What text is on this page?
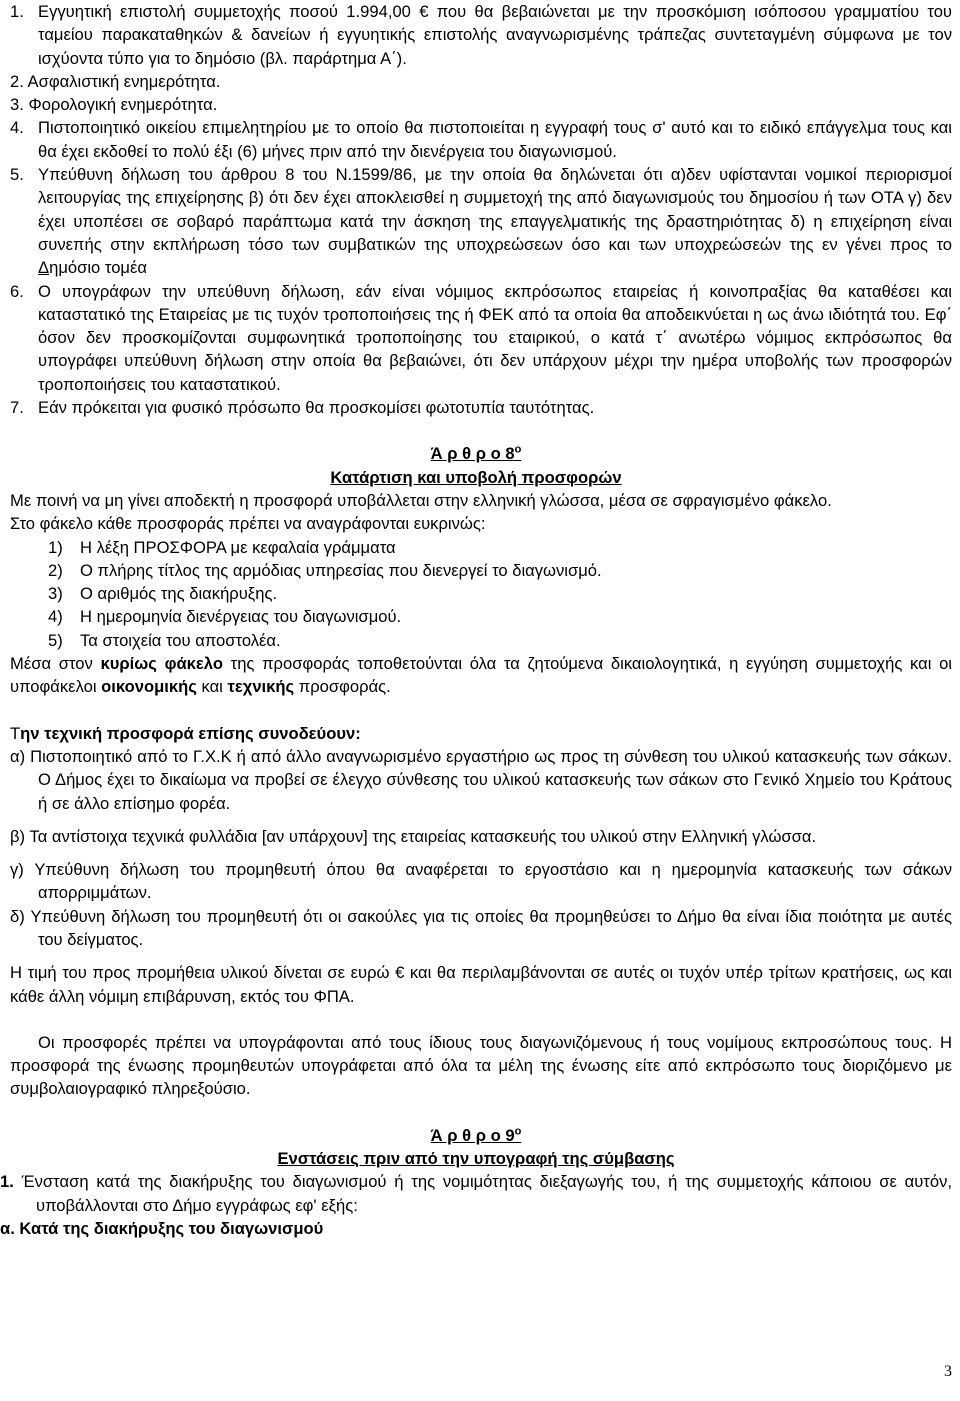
1. Εγγυητική επιστολή συμμετοχής ποσού 1.994,00 € που θα βεβαιώνεται με την προσκόμιση ισόποσου γραμματίου του ταμείου παρακαταθηκών & δανείων ή εγγυητικής επιστολής αναγνωρισμένης τράπεζας συντεταγμένη σύμφωνα με τον ισχύοντα τύπο για το δημόσιο (βλ. παράρτημα Α΄).
2. Ασφαλιστική ενημερότητα.
3. Φορολογική ενημερότητα.
4. Πιστοποιητικό οικείου επιμελητηρίου με το οποίο θα πιστοποιείται η εγγραφή τους σ' αυτό και το ειδικό επάγγελμα τους και θα έχει εκδοθεί το πολύ έξι (6) μήνες πριν από την διενέργεια του διαγωνισμού.
5. Υπεύθυνη δήλωση του άρθρου 8 του Ν.1599/86, με την οποία θα δηλώνεται ότι α)δεν υφίστανται νομικοί περιορισμοί λειτουργίας της επιχείρησης β) ότι δεν έχει αποκλεισθεί η συμμετοχή της από διαγωνισμούς του δημοσίου ή των ΟΤΑ γ) δεν έχει υποπέσει σε σοβαρό παράπτωμα κατά την άσκηση της επαγγελματικής της δραστηριότητας δ) η επιχείρηση είναι συνεπής στην εκπλήρωση τόσο των συμβατικών της υποχρεώσεων όσο και των υποχρεώσεών της εν γένει προς το Δημόσιο τομέα
6. Ο υπογράφων την υπεύθυνη δήλωση, εάν είναι νόμιμος εκπρόσωπος εταιρείας ή κοινοπραξίας θα καταθέσει και καταστατικό της Εταιρείας με τις τυχόν τροποποιήσεις της ή ΦΕΚ από τα οποία θα αποδεικνύεται η ως άνω ιδιότητά του. Εφ΄ όσον δεν προσκομίζονται συμφωνητικά τροποποίησης του εταιρικού, ο κατά τ΄ ανωτέρω νόμιμος εκπρόσωπος θα υπογράφει υπεύθυνη δήλωση στην οποία θα βεβαιώνει, ότι δεν υπάρχουν μέχρι την ημέρα υποβολής των προσφορών τροποποιήσεις του καταστατικού.
7. Εάν πρόκειται για φυσικό πρόσωπο θα προσκομίσει φωτοτυπία ταυτότητας.
Ά ρ θ ρ ο $8^o$
Κατάρτιση και υποβολή προσφορών
Με ποινή να μη γίνει αποδεκτή η προσφορά υποβάλλεται στην ελληνική γλώσσα, μέσα σε σφραγισμένο φάκελο.
Στο φάκελο κάθε προσφοράς πρέπει να αναγράφονται ευκρινώς:
1) Η λέξη ΠΡΟΣΦΟΡΑ με κεφαλαία γράμματα
2) Ο πλήρης τίτλος της αρμόδιας υπηρεσίας που διενεργεί το διαγωνισμό.
3) Ο αριθμός της διακήρυξης.
4) Η ημερομηνία διενέργειας του διαγωνισμού.
5) Τα στοιχεία του αποστολέα.
Μέσα στον κυρίως φάκελο της προσφοράς τοποθετούνται όλα τα ζητούμενα δικαιολογητικά, η εγγύηση συμμετοχής και οι υποφάκελοι οικονομικής και τεχνικής προσφοράς.
Την τεχνική προσφορά επίσης συνοδεύουν:
α) Πιστοποιητικό από το Γ.Χ.Κ ή από άλλο αναγνωρισμένο εργαστήριο ως προς τη σύνθεση του υλικού κατασκευής των σάκων. Ο Δήμος έχει το δικαίωμα να προβεί σε έλεγχο σύνθεσης του υλικού κατασκευής των σάκων στο Γενικό Χημείο του Κράτους ή σε άλλο επίσημο φορέα.
β) Τα αντίστοιχα τεχνικά φυλλάδια [αν υπάρχουν] της εταιρείας κατασκευής του υλικού στην Ελληνική γλώσσα.
γ) Υπεύθυνη δήλωση του προμηθευτή όπου θα αναφέρεται το εργοστάσιο και η ημερομηνία κατασκευής των σάκων απορριμμάτων.
δ) Υπεύθυνη δήλωση του προμηθευτή ότι οι σακούλες για τις οποίες θα προμηθεύσει το Δήμο θα είναι ίδια ποιότητα με αυτές του δείγματος.
Η τιμή του προς προμήθεια υλικού δίνεται σε ευρώ € και θα περιλαμβάνονται σε αυτές οι τυχόν υπέρ τρίτων κρατήσεις, ως και κάθε άλλη νόμιμη επιβάρυνση, εκτός του ΦΠΑ.
Οι προσφορές πρέπει να υπογράφονται από τους ίδιους τους διαγωνιζόμενους ή τους νομίμους εκπροσώπους τους. Η προσφορά της ένωσης προμηθευτών υπογράφεται από όλα τα μέλη της ένωσης είτε από εκπρόσωπο τους διοριζόμενο με συμβολαιογραφικό πληρεξούσιο.
Ά ρ θ ρ ο $9^o$
Ενστάσεις πριν από την υπογραφή της σύμβασης
1. Ένσταση κατά της διακήρυξης του διαγωνισμού ή της νομιμότητας διεξαγωγής του, ή της συμμετοχής κάποιου σε αυτόν, υποβάλλονται στο Δήμο εγγράφως εφ' εξής:
α. Κατά της διακήρυξης του διαγωνισμού
3
